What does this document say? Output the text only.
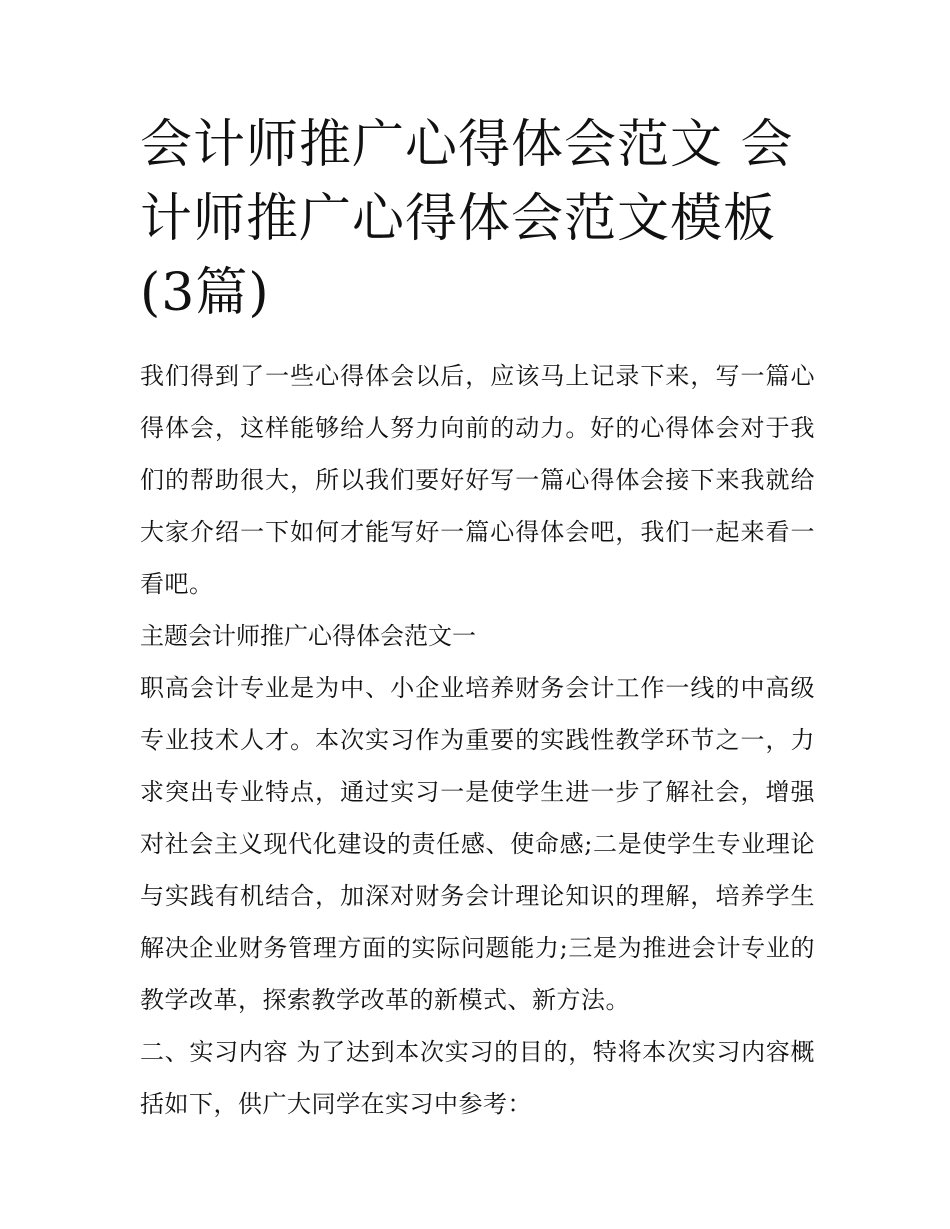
会计师推广心得体会范文 会计师推广心得体会范文模板(3篇)

我们得到了一些心得体会以后，应该马上记录下来，写一篇心得体会，这样能够给人努力向前的动力。好的心得体会对于我们的帮助很大，所以我们要好好写一篇心得体会接下来我就给大家介绍一下如何才能写好一篇心得体会吧，我们一起来看一看吧。

主题会计师推广心得体会范文一

职高会计专业是为中、小企业培养财务会计工作一线的中高级专业技术人才。本次实习作为重要的实践性教学环节之一，力求突出专业特点，通过实习一是使学生进一步了解社会，增强对社会主义现代化建设的责任感、使命感;二是使学生专业理论与实践有机结合，加深对财务会计理论知识的理解，培养学生解决企业财务管理方面的实际问题能力;三是为推进会计专业的教学改革，探索教学改革的新模式、新方法。

二、实习内容 为了达到本次实习的目的，特将本次实习内容概括如下，供广大同学在实习中参考：
